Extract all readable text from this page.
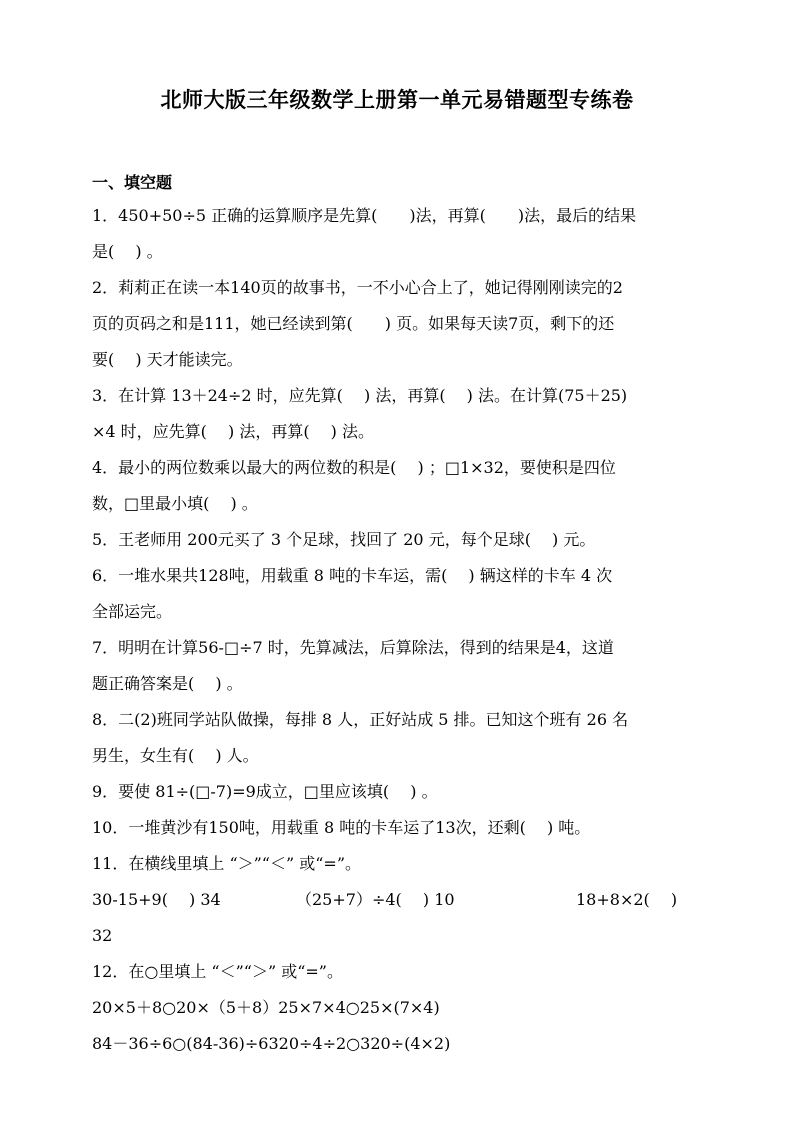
北师大版三年级数学上册第一单元易错题型专练卷
一、填空题
1．450+50÷5 正确的运算顺序是先算(　　)法，再算(　　)法，最后的结果
是(　 ) 。
2．莉莉正在读一本140页的故事书，一不小心合上了，她记得刚刚读完的2
页的页码之和是111，她已经读到第(　　) 页。如果每天读7页，剩下的还
要(　 ) 天才能读完。
3．在计算 13＋24÷2 时，应先算(　 ) 法，再算(　 ) 法。在计算(75＋25)
×4 时，应先算(　 ) 法，再算(　 ) 法。
4．最小的两位数乘以最大的两位数的积是(　 ) ；□1×32，要使积是四位
数，□里最小填(　 ) 。
5．王老师用 200元买了 3 个足球，找回了 20 元，每个足球(　 ) 元。
6．一堆水果共128吨，用载重 8 吨的卡车运，需(　 ) 辆这样的卡车 4 次
全部运完。
7．明明在计算56-□÷7 时，先算减法，后算除法，得到的结果是4，这道
题正确答案是(　 ) 。
8．二(2)班同学站队做操，每排 8 人，正好站成 5 排。已知这个班有 26 名
男生，女生有(　 ) 人。
9．要使 81÷(□-7)=9成立，□里应该填(　 ) 。
10．一堆黄沙有150吨，用载重 8 吨的卡车运了13次，还剩(　 ) 吨。
11．在横线里填上 “＞”“＜” 或“=”。
30-15+9(　 ) 34	（25+7）÷4(　 ) 10	18+8×2(　 )
32
12．在○里填上 “＜”“＞” 或“=”。
20×5＋8○20×（5＋8）25×7×4○25×(7×4)
84－36÷6○(84-36)÷6320÷4÷2○320÷(4×2)
